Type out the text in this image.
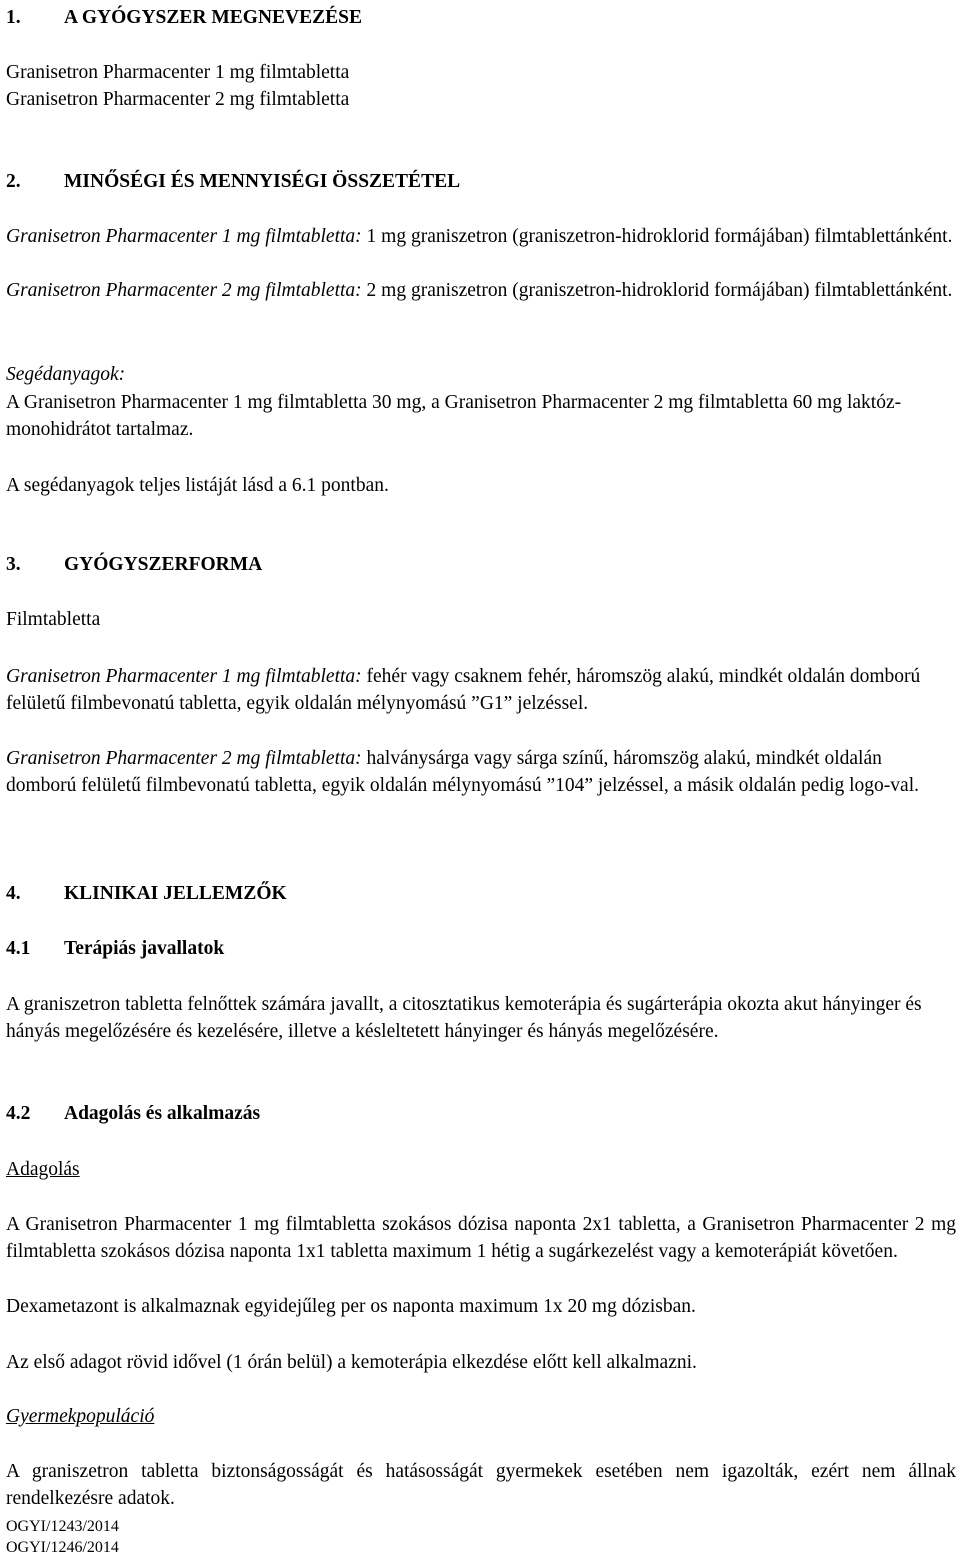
1. A GYÓGYSZER MEGNEVEZÉSE
Granisetron Pharmacenter 1 mg filmtabletta
Granisetron Pharmacenter 2 mg filmtabletta
2. MINŐSÉGI ÉS MENNYISÉGI ÖSSZETÉTEL

Granisetron Pharmacenter 1 mg filmtabletta: 1 mg graniszetron (graniszetron-hidroklorid formájában) filmtablettánként.

Granisetron Pharmacenter 2 mg filmtabletta: 2 mg graniszetron (graniszetron-hidroklorid formájában) filmtablettánként.

Segédanyagok:

A Granisetron Pharmacenter 1 mg filmtabletta 30 mg, a Granisetron Pharmacenter 2 mg filmtabletta 60 mg laktóz-monohidrátot tartalmaz.

A segédanyagok teljes listáját lásd a 6.1 pontban.
3. GYÓGYSZERFORMA
Filmtabletta

Granisetron Pharmacenter 1 mg filmtabletta: fehér vagy csaknem fehér, háromszög alakú, mindkét oldalán domború felületű filmbevonatú tabletta, egyik oldalán mélynyomású ”G1” jelzéssel.

Granisetron Pharmacenter 2 mg filmtabletta: halványsárga vagy sárga színű, háromszög alakú, mindkét oldalán domború felületű filmbevonatú tabletta, egyik oldalán mélynyomású ”104” jelzéssel, a másik oldalán pedig logo-val.

4. KLINIKAI JELLEMZŐK
4.1 Terápiás javallatok

A graniszetron tabletta felnőttek számára javallt, a citosztatikus kemoterápia és sugárterápia okozta akut hányinger és hányás megelőzésére és kezelésére, illetve a késleltetett hányinger és hányás megelőzésére.

4.2 Adagolás és alkalmazás
Adagolás

A Granisetron Pharmacenter 1 mg filmtabletta szokásos dózisa naponta 2x1 tabletta, a Granisetron Pharmacenter 2 mg filmtabletta szokásos dózisa naponta 1x1 tabletta maximum 1 hétig a sugárkezelést vagy a kemoterápiát követően.

Dexametazont is alkalmaznak egyidejűleg per os naponta maximum 1x 20 mg dózisban.
Az első adagot rövid idővel (1 órán belül) a kemoterápia elkezdése előtt kell alkalmazni.
Gyermekpopuláció

A graniszetron tabletta biztonságosságát és hatásosságát gyermekek esetében nem igazolták, ezért nem állnak rendelkezésre adatok.

OGYI/1243/2014
OGYI/1246/2014
